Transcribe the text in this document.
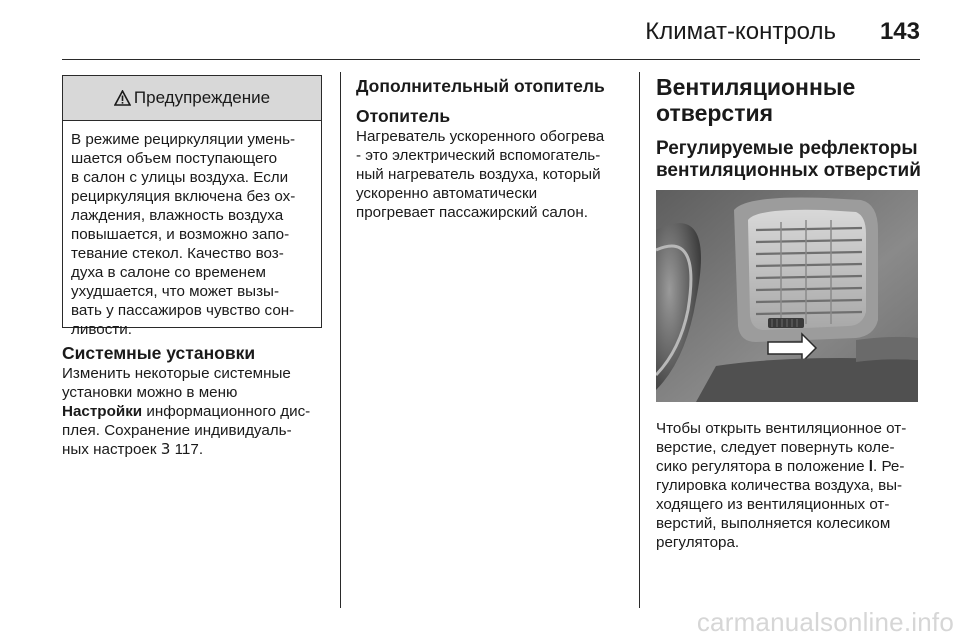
Климат-контроль 143
Предупреждение
В режиме рециркуляции умень-
шается объем поступающего
в салон с улицы воздуха. Если
рециркуляция включена без ох-
лаждения, влажность воздуха
повышается, и возможно запо-
тевание стекол. Качество воз-
духа в салоне со временем
ухудшается, что может вызы-
вать у пассажиров чувство сон-
ливости.
Системные установки
Изменить некоторые системные
установки можно в меню
Настройки информационного дис-
плея. Сохранение индивидуаль-
ных настроек 3 117.
Дополнительный отопитель
Отопитель
Нагреватель ускоренного обогрева
- это электрический вспомогатель-
ный нагреватель воздуха, который
ускоренно автоматически
прогревает пассажирский салон.
Вентиляционные
отверстия
Регулируемые рефлекторы
вентиляционных отверстий
Чтобы открыть вентиляционное от-
верстие, следует повернуть коле-
сико регулятора в положение l. Ре-
гулировка количества воздуха, вы-
ходящего из вентиляционных от-
верстий, выполняется колесиком
регулятора.
carmanualsonline.info
